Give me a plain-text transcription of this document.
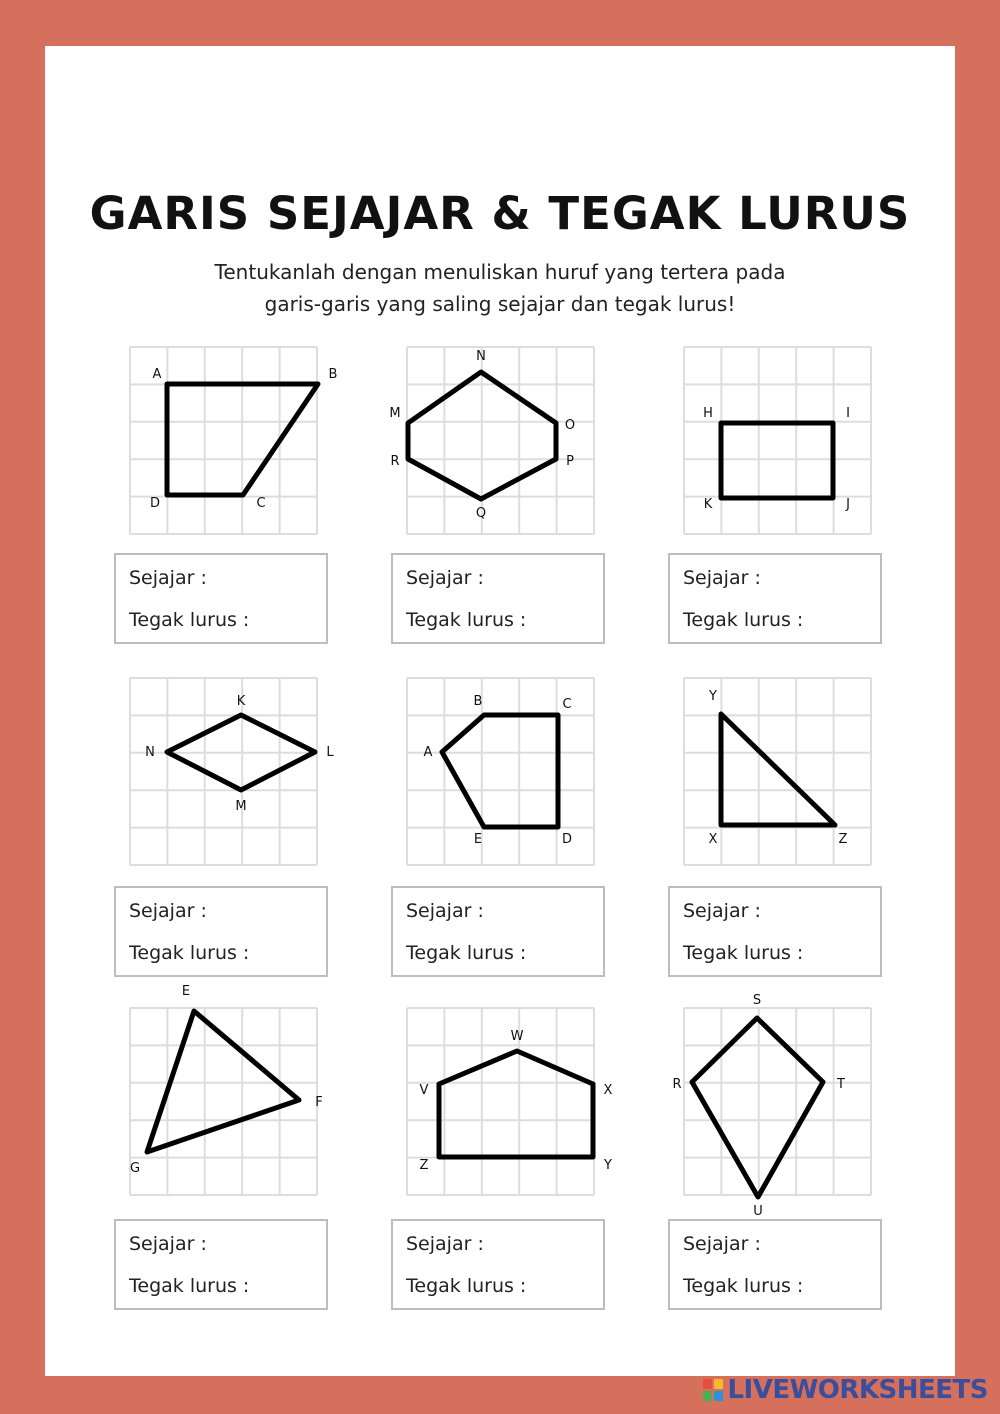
GARIS SEJAJAR & TEGAK LURUS
Tentukanlah dengan menuliskan huruf yang tertera pada
garis-garis yang saling sejajar dan tegak lurus!
A	B
C
D
N
O
P
Q
R
M	H	I
J
K
K
L
M
N
B	C
D
E
A
Y
Z
X
E
F
G
W
X
Y
Z
V
S
T
U
R
Sejajar :
Tegak lurus :
Sejajar :
Tegak lurus :
Sejajar :
Tegak lurus :
Sejajar :
Tegak lurus :
Sejajar :
Tegak lurus :
Sejajar :
Tegak lurus :
Sejajar :
Tegak lurus :
Sejajar :
Tegak lurus :
Sejajar :
Tegak lurus :
LIVEWORKSHEETS
